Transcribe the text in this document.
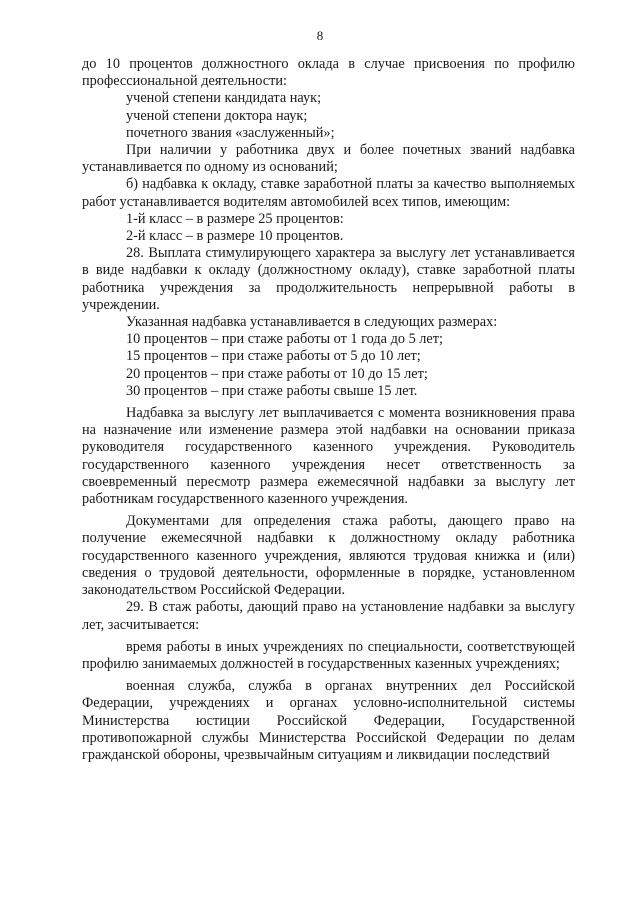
8

до 10 процентов должностного оклада в случае присвоения по профилю профессиональной деятельности:

ученой степени кандидата наук;

ученой степени доктора наук;

почетного звания «заслуженный»;

При наличии у работника двух и более почетных званий надбавка устанавливается по одному из оснований;

б) надбавка к окладу, ставке заработной платы за качество выполняемых работ устанавливается водителям автомобилей всех типов, имеющим:

1-й класс – в размере 25 процентов:

2-й класс – в размере 10 процентов.

28. Выплата стимулирующего характера за выслугу лет устанавливается в виде надбавки к окладу (должностному окладу), ставке заработной платы работника учреждения за продолжительность непрерывной работы в учреждении.

Указанная надбавка устанавливается в следующих размерах:

10 процентов – при стаже работы от 1 года до 5 лет;

15 процентов – при стаже работы от 5 до 10 лет;

20 процентов – при стаже работы от 10 до 15 лет;

30 процентов – при стаже работы свыше 15 лет.

Надбавка за выслугу лет выплачивается с момента возникновения права на назначение или изменение размера этой надбавки на основании приказа руководителя государственного казенного учреждения. Руководитель государственного казенного учреждения несет ответственность за своевременный пересмотр размера ежемесячной надбавки за выслугу лет работникам государственного казенного учреждения.

Документами для определения стажа работы, дающего право на получение ежемесячной надбавки к должностному окладу работника государственного казенного учреждения, являются трудовая книжка и (или) сведения о трудовой деятельности, оформленные в порядке, установленном законодательством Российской Федерации.

29. В стаж работы, дающий право на установление надбавки за выслугу лет, засчитывается:

время работы в иных учреждениях по специальности, соответствующей профилю занимаемых должностей в государственных казенных учреждениях;

военная служба, служба в органах внутренних дел Российской Федерации, учреждениях и органах условно-исполнительной системы Министерства юстиции Российской Федерации, Государственной противопожарной службы Министерства Российской Федерации по делам гражданской обороны, чрезвычайным ситуациям и ликвидации последствий
